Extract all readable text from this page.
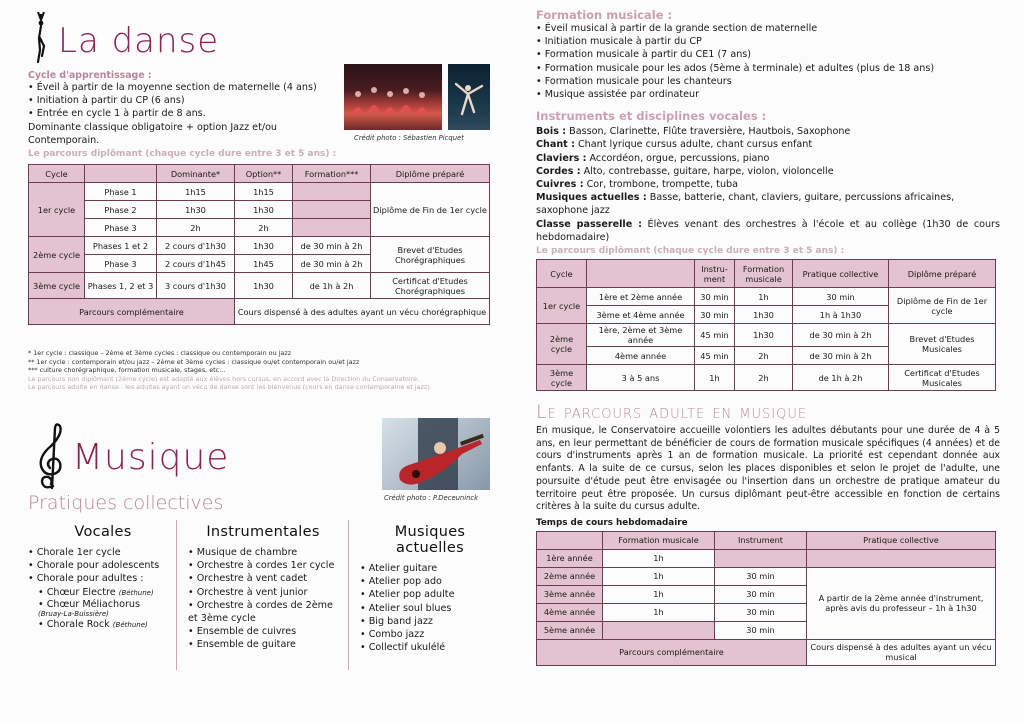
La danse
Cycle d'apprentissage :
• Éveil à partir de la moyenne section de maternelle (4 ans)
• Initiation à partir du CP (6 ans)
• Entrée en cycle 1 à partir de 8 ans.
Dominante classique obligatoire + option Jazz et/ou Contemporain.	Crédit photo : Sébastien Picquet
Le parcours diplômant (chaque cycle dure entre 3 et 5 ans) :
Cycle		Dominante*	Option**	Formation***	Diplôme préparé
1er cycle	Phase 1	1h15	1h15		Diplôme de Fin de 1er cycle
	Phase 2	1h30	1h30		
	Phase 3	2h	2h		
2ème cycle	Phases 1 et 2	2 cours d'1h30	1h30	de 30 min à 2h	Brevet d'Etudes Chorégraphiques
	Phase 3	2 cours d'1h45	1h45	de 30 min à 2h	
3ème cycle	Phases 1, 2 et 3	3 cours d'1h30	1h30	de 1h à 2h	Certificat d'Etudes Chorégraphiques
Parcours complémentaire			Cours dispensé à des adultes ayant un vécu chorégraphique		
* 1er cycle : classique – 2ème et 3ème cycles : classique ou contemporain ou jazz
** 1er cycle : contemporain et/ou jazz – 2ème et 3ème cycles : classique ou/et contemporain ou/et jazz
*** culture chorégraphique, formation musicale, stages, etc...
Le parcours non diplômant (2ème cycle) est adapté aux élèves hors cursus, en accord avec la Direction du Conservatoire.
Le parcours adulte en danse : les adultes ayant un vécu de danse sont les bienvenus (cours en danse contemporaine et jazz).
Musique
Pratiques collectives	Crédit photo : P.Deceuninck
Vocales
• Chorale 1er cycle
• Chorale pour adolescents
• Chorale pour adultes :
• Chœur Electre (Béthune)
• Chœur Méliachorus
(Bruay-La-Buissière)
• Chorale Rock (Béthune)
Instrumentales
• Musique de chambre
• Orchestre à cordes 1er cycle
• Orchestre à vent cadet
• Orchestre à vent junior
• Orchestre à cordes de 2ème et 3ème cycle
• Ensemble de cuivres
• Ensemble de guitare
Musiques actuelles
• Atelier guitare
• Atelier pop ado
• Atelier pop adulte
• Atelier soul blues
• Big band jazz
• Combo jazz
• Collectif ukulélé
Formation musicale :
• Éveil musical à partir de la grande section de maternelle
• Initiation musicale à partir du CP
• Formation musicale à partir du CE1 (7 ans)
• Formation musicale pour les ados (5ème à terminale) et adultes (plus de 18 ans)
• Formation musicale pour les chanteurs
• Musique assistée par ordinateur
Instruments et disciplines vocales :
Bois : Basson, Clarinette, Flûte traversière, Hautbois, Saxophone
Chant : Chant lyrique cursus adulte, chant cursus enfant
Claviers : Accordéon, orgue, percussions, piano
Cordes : Alto, contrebasse, guitare, harpe, violon, violoncelle
Cuivres : Cor, trombone, trompette, tuba
Musiques actuelles : Basse, batterie, chant, claviers, guitare, percussions africaines, saxophone jazz
Classe passerelle : Élèves venant des orchestres à l'école et au collège (1h30 de cours hebdomadaire)
Le parcours diplômant (chaque cycle dure entre 3 et 5 ans) :
Cycle		Instru-ment	Formation musicale	Pratique collective	Diplôme préparé
1er cycle	1ère et 2ème année	30 min	1h	30 min	Diplôme de Fin de 1er cycle
	3ème et 4ème année	30 min	1h30	1h à 1h30	
2ème cycle	1ère, 2ème et 3ème année	45 min	1h30	de 30 min à 2h	Brevet d'Etudes Musicales
	4ème année	45 min	2h	de 30 min à 2h	
3ème cycle	3 à 5 ans	1h	2h	de 1h à 2h	Certificat d'Etudes Musicales
Le parcours adulte en musique
En musique, le Conservatoire accueille volontiers les adultes débutants pour une durée de 4 à 5 ans, en leur permettant de bénéficier de cours de formation musicale spécifiques (4 années) et de cours d'instruments après 1 an de formation musicale. La priorité est cependant donnée aux enfants. A la suite de ce cursus, selon les places disponibles et selon le projet de l'adulte, une poursuite d'étude peut être envisagée ou l'insertion dans un orchestre de pratique amateur du territoire peut être proposée. Un cursus diplômant peut-être accessible en fonction de certains critères à la suite du cursus adulte.
Temps de cours hebdomadaire
	Formation musicale	Instrument	Pratique collective
1ère année	1h		
2ème année	1h	30 min	A partir de la 2ème année d'instrument, après avis du professeur – 1h à 1h30
3ème année	1h	30 min	
4ème année	1h	30 min	
5ème année		30 min	
Parcours complémentaire			Cours dispensé à des adultes ayant un vécu musical
